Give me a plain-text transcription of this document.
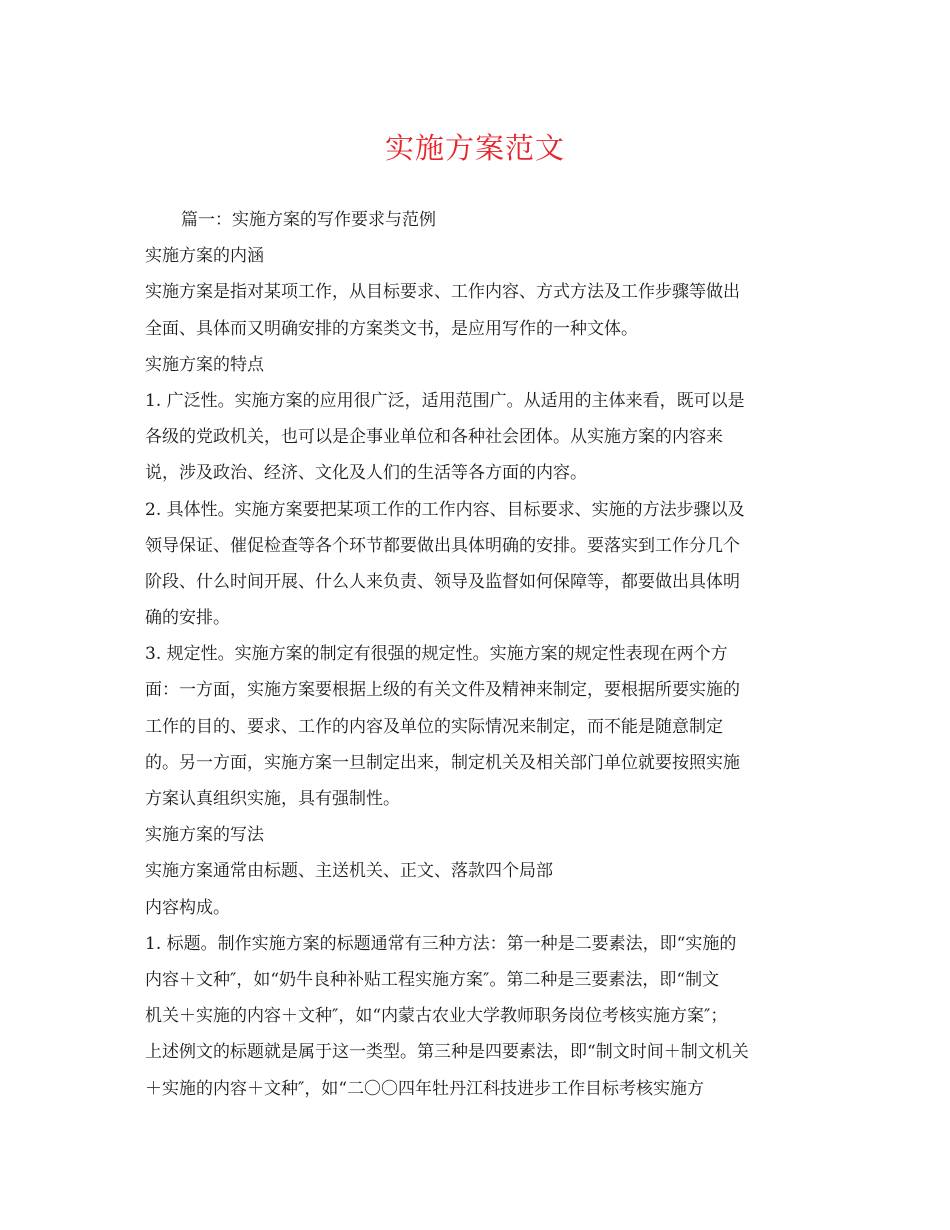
实施方案范文
篇一：实施方案的写作要求与范例
实施方案的内涵
实施方案是指对某项工作，从目标要求、工作内容、方式方法及工作步骤等做出
全面、具体而又明确安排的方案类文书，是应用写作的一种文体。
实施方案的特点
1. 广泛性。实施方案的应用很广泛，适用范围广。从适用的主体来看，既可以是
各级的党政机关，也可以是企事业单位和各种社会团体。从实施方案的内容来
说，涉及政治、经济、文化及人们的生活等各方面的内容。
2. 具体性。实施方案要把某项工作的工作内容、目标要求、实施的方法步骤以及
领导保证、催促检查等各个环节都要做出具体明确的安排。要落实到工作分几个
阶段、什么时间开展、什么人来负责、领导及监督如何保障等，都要做出具体明
确的安排。
3. 规定性。实施方案的制定有很强的规定性。实施方案的规定性表现在两个方
面：一方面，实施方案要根据上级的有关文件及精神来制定，要根据所要实施的
工作的目的、要求、工作的内容及单位的实际情况来制定，而不能是随意制定
的。另一方面，实施方案一旦制定出来，制定机关及相关部门单位就要按照实施
方案认真组织实施，具有强制性。
实施方案的写法
实施方案通常由标题、主送机关、正文、落款四个局部
内容构成。
1. 标题。制作实施方案的标题通常有三种方法：第一种是二要素法，即“实施的
内容＋文种″，如“奶牛良种补贴工程实施方案″。第二种是三要素法，即“制文
机关＋实施的内容＋文种″，如“内蒙古农业大学教师职务岗位考核实施方案″；
上述例文的标题就是属于这一类型。第三种是四要素法，即“制文时间＋制文机关
＋实施的内容＋文种″，如“二〇〇四年牡丹江科技进步工作目标考核实施方
